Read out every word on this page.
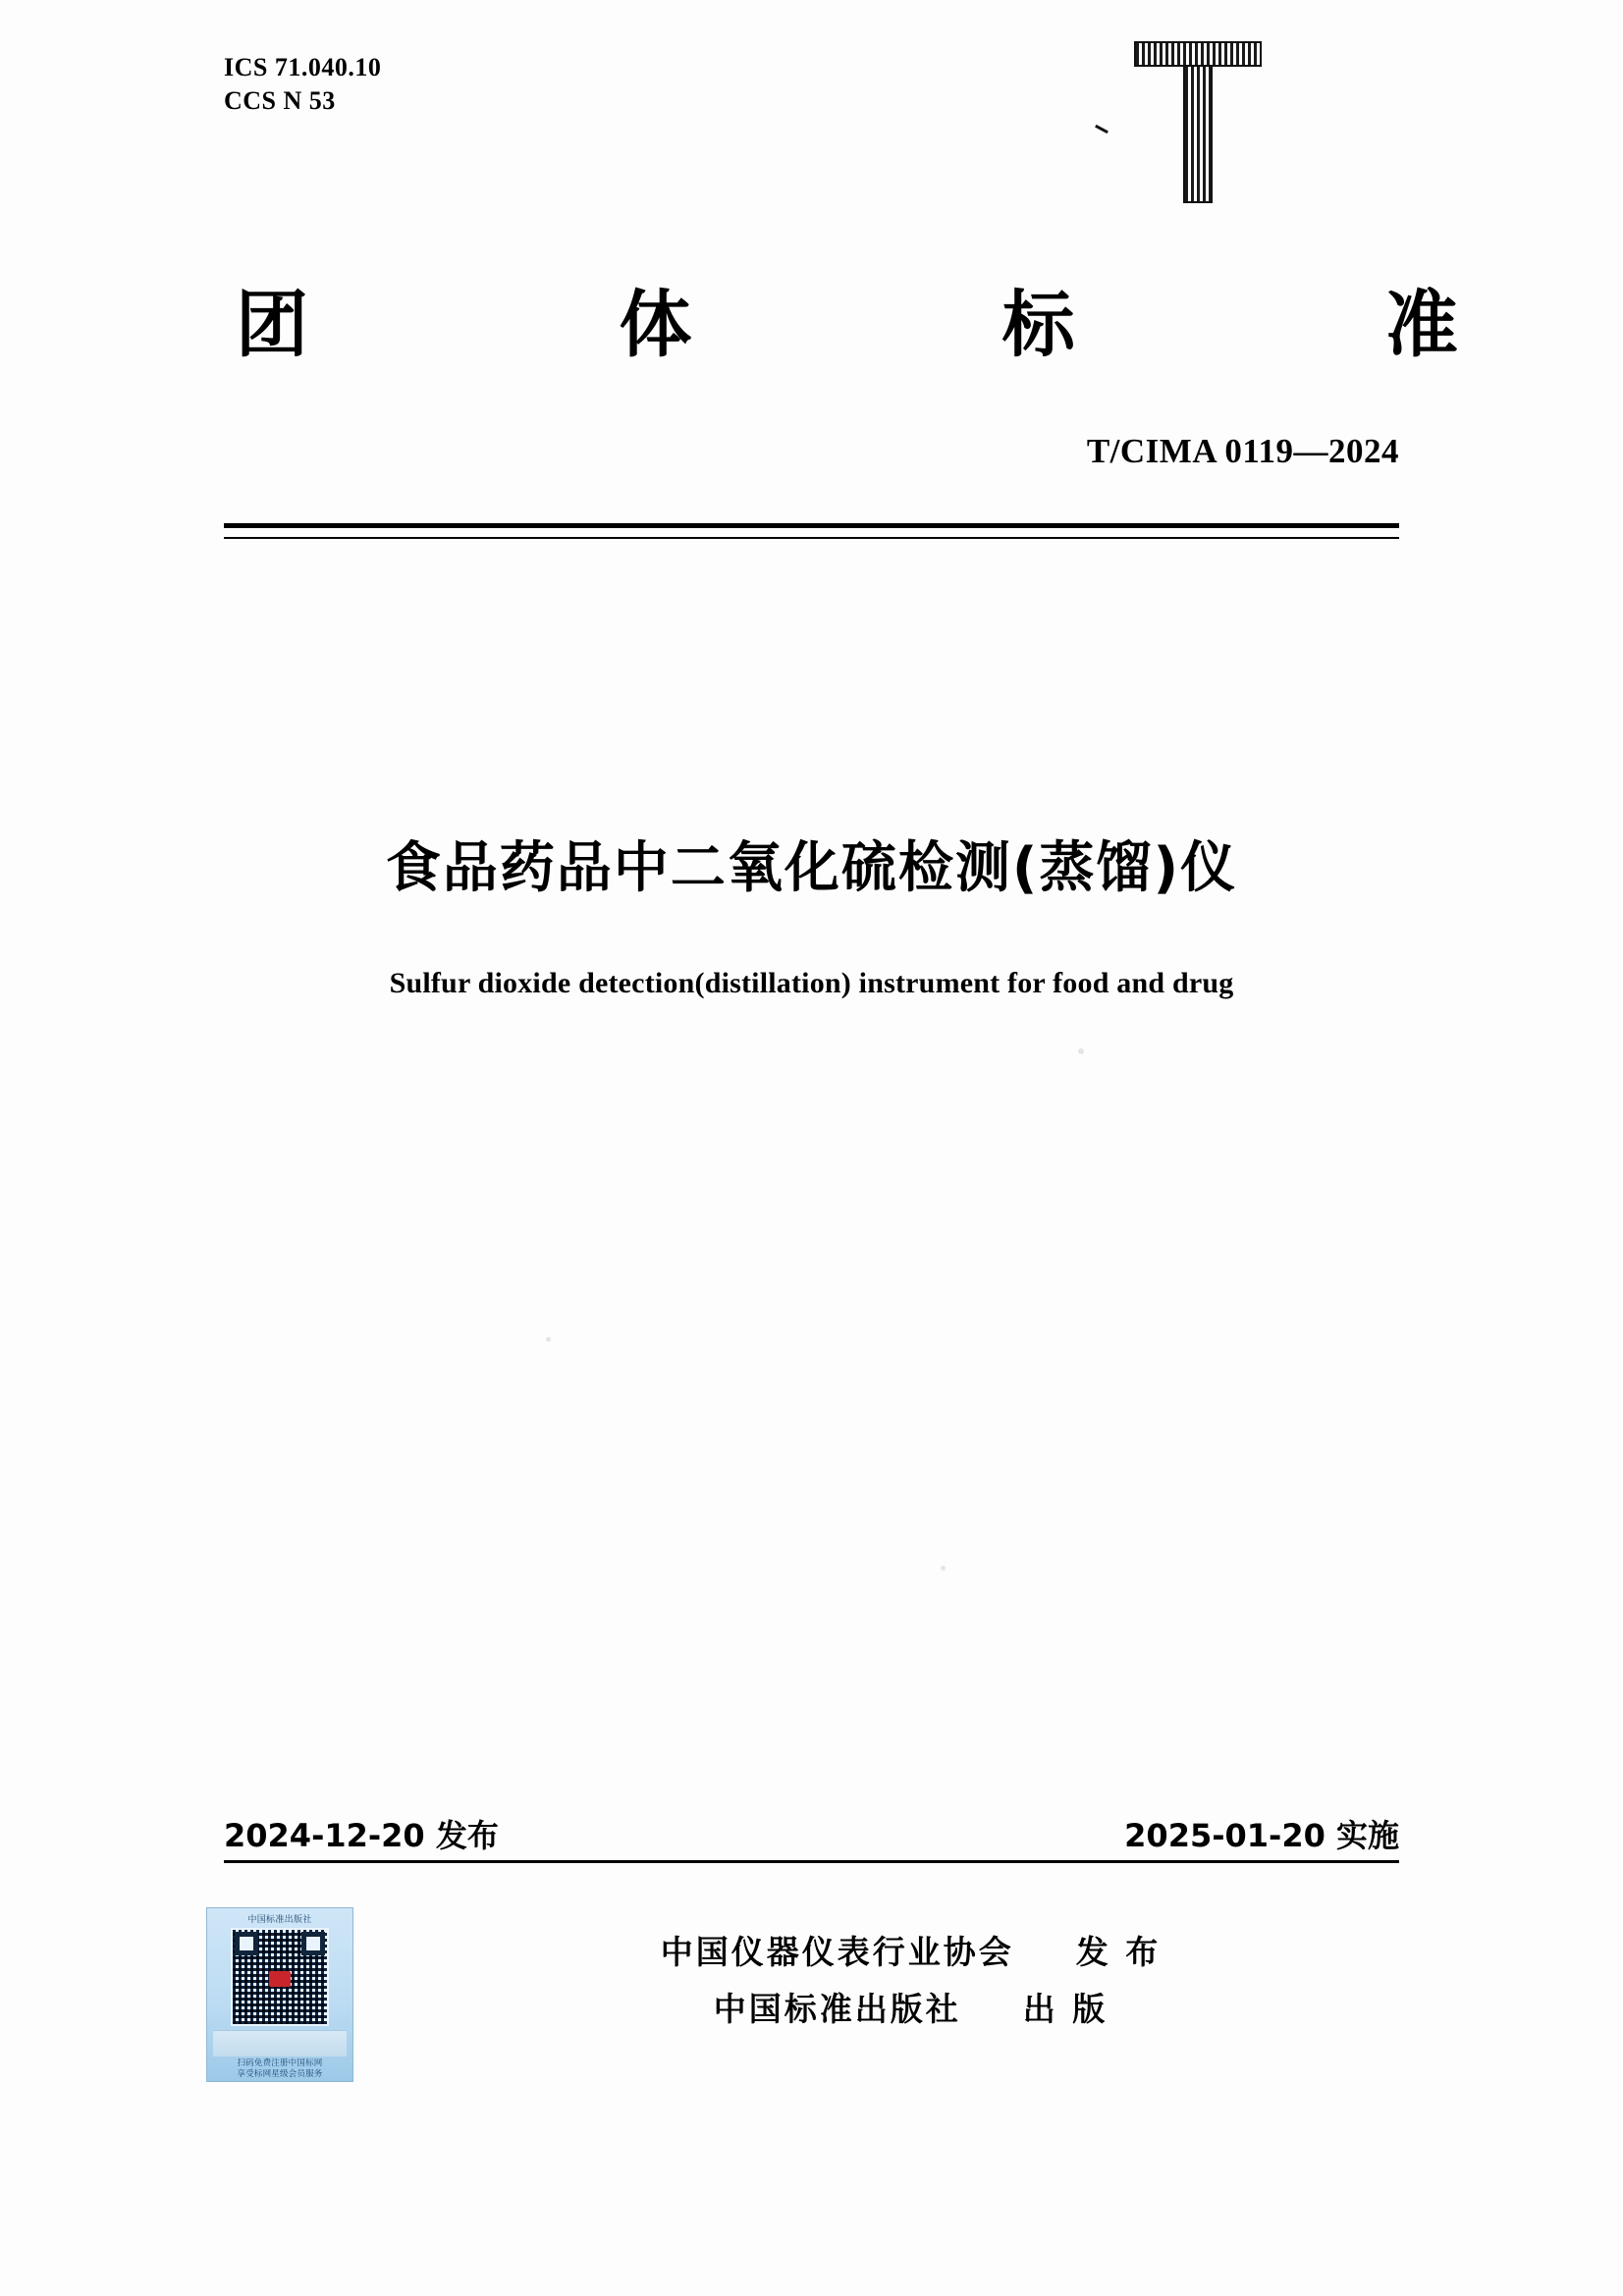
ICS 71.040.10
CCS N 53
团	体	标	准
T/CIMA 0119—2024
食品药品中二氧化硫检测(蒸馏)仪
Sulfur dioxide detection(distillation) instrument for food and drug
2024-12-20 发布	2025-01-20 实施
中国仪器仪表行业协会 发 布
中国标准出版社 出 版
中国标准出版社
扫码免费注册中国标网
享受标网星级会员服务
